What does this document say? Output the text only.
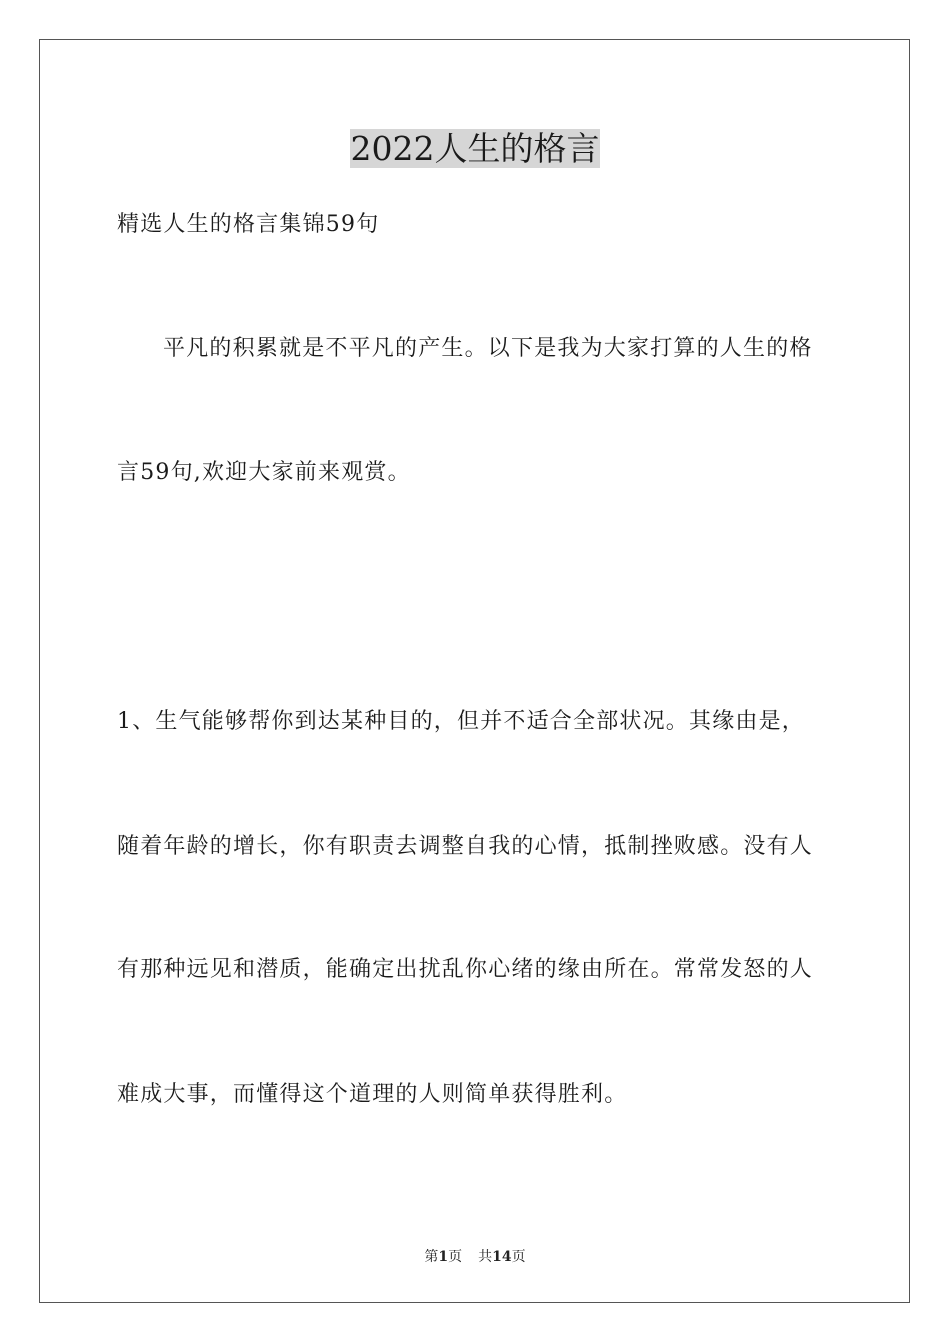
2022人生的格言
精选人生的格言集锦59句
平凡的积累就是不平凡的产生。以下是我为大家打算的人生的格
言59句,欢迎大家前来观赏。
1、生气能够帮你到达某种目的，但并不适合全部状况。其缘由是，
随着年龄的增长，你有职责去调整自我的心情，抵制挫败感。没有人
有那种远见和潜质，能确定出扰乱你心绪的缘由所在。常常发怒的人
难成大事，而懂得这个道理的人则简单获得胜利。
第1页 共14页
